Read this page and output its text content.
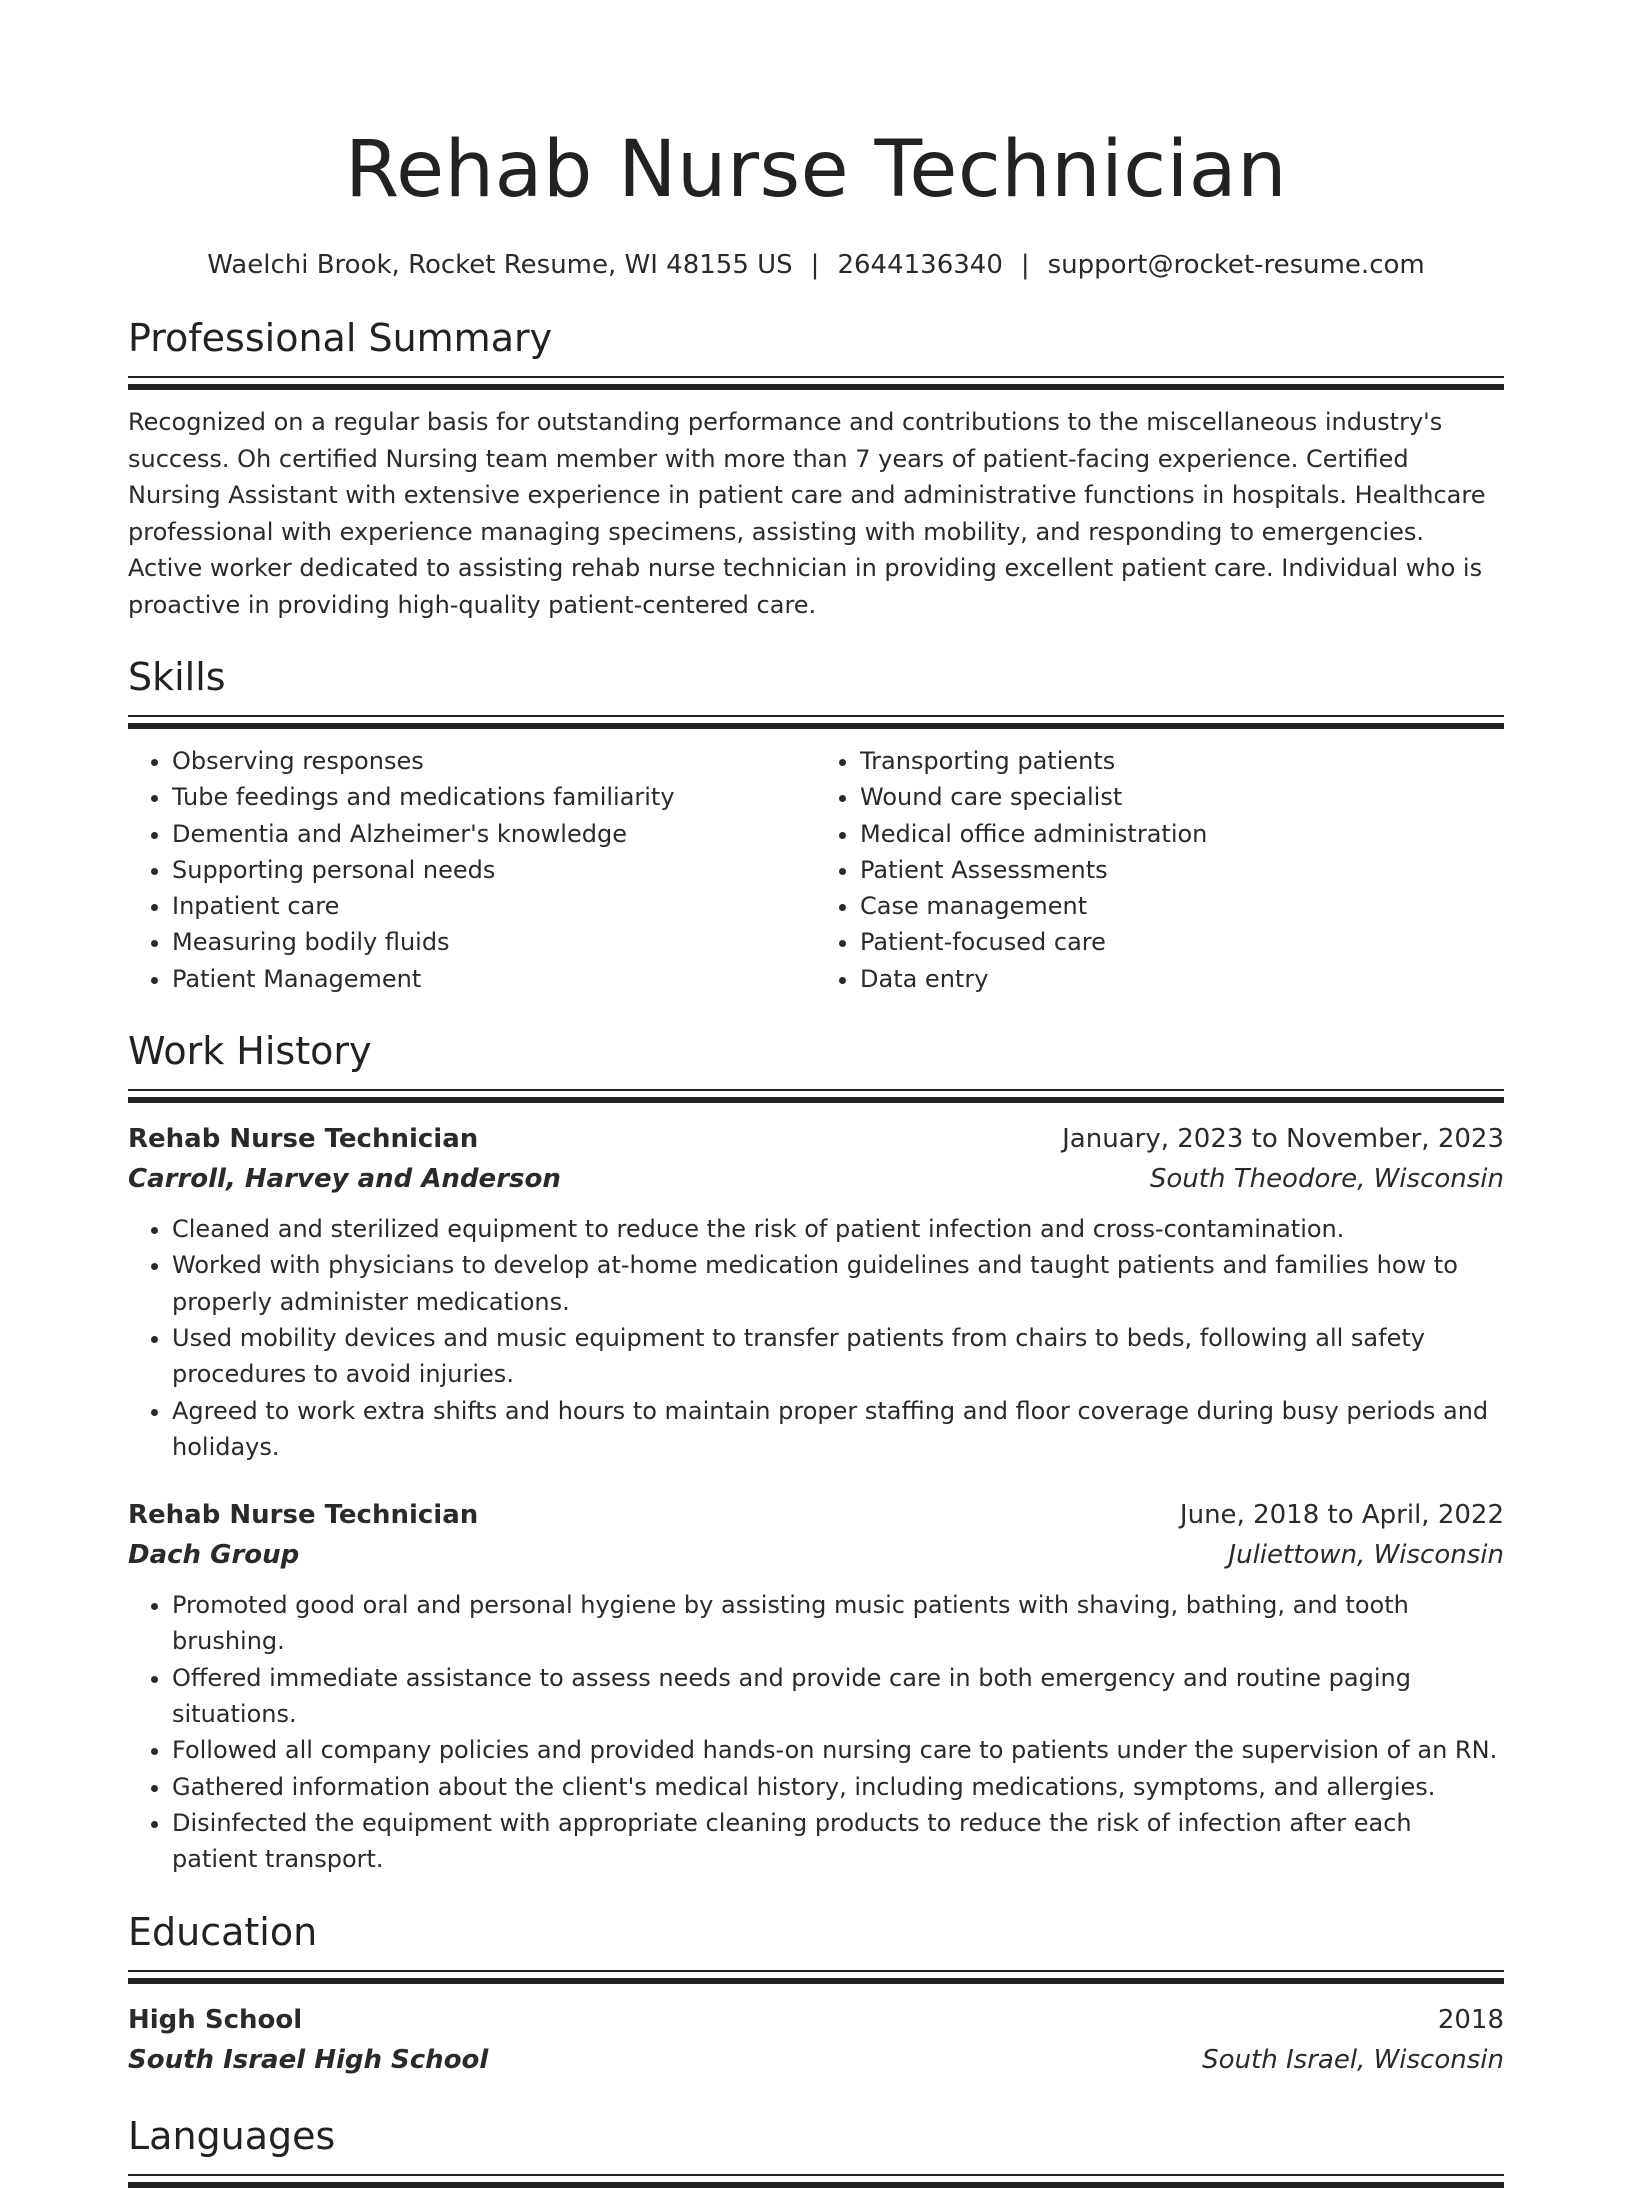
Rehab Nurse Technician
Waelchi Brook, Rocket Resume, WI 48155 US | 2644136340 | support@rocket-resume.com
Professional Summary
Recognized on a regular basis for outstanding performance and contributions to the miscellaneous industry's success. Oh certified Nursing team member with more than 7 years of patient-facing experience. Certified Nursing Assistant with extensive experience in patient care and administrative functions in hospitals. Healthcare professional with experience managing specimens, assisting with mobility, and responding to emergencies. Active worker dedicated to assisting rehab nurse technician in providing excellent patient care. Individual who is proactive in providing high-quality patient-centered care.
Skills
• Observing responses
• Tube feedings and medications familiarity
• Dementia and Alzheimer's knowledge
• Supporting personal needs
• Inpatient care
• Measuring bodily fluids
• Patient Management
• Transporting patients
• Wound care specialist
• Medical office administration
• Patient Assessments
• Case management
• Patient-focused care
• Data entry
Work History
Rehab Nurse Technician	January, 2023 to November, 2023
Carroll, Harvey and Anderson	South Theodore, Wisconsin
• Cleaned and sterilized equipment to reduce the risk of patient infection and cross-contamination.
• Worked with physicians to develop at-home medication guidelines and taught patients and families how to properly administer medications.
• Used mobility devices and music equipment to transfer patients from chairs to beds, following all safety procedures to avoid injuries.
• Agreed to work extra shifts and hours to maintain proper staffing and floor coverage during busy periods and holidays.
Rehab Nurse Technician	June, 2018 to April, 2022
Dach Group	Juliettown, Wisconsin
• Promoted good oral and personal hygiene by assisting music patients with shaving, bathing, and tooth brushing.
• Offered immediate assistance to assess needs and provide care in both emergency and routine paging situations.
• Followed all company policies and provided hands-on nursing care to patients under the supervision of an RN.
• Gathered information about the client's medical history, including medications, symptoms, and allergies.
• Disinfected the equipment with appropriate cleaning products to reduce the risk of infection after each patient transport.
Education
High School	2018
South Israel High School	South Israel, Wisconsin
Languages
